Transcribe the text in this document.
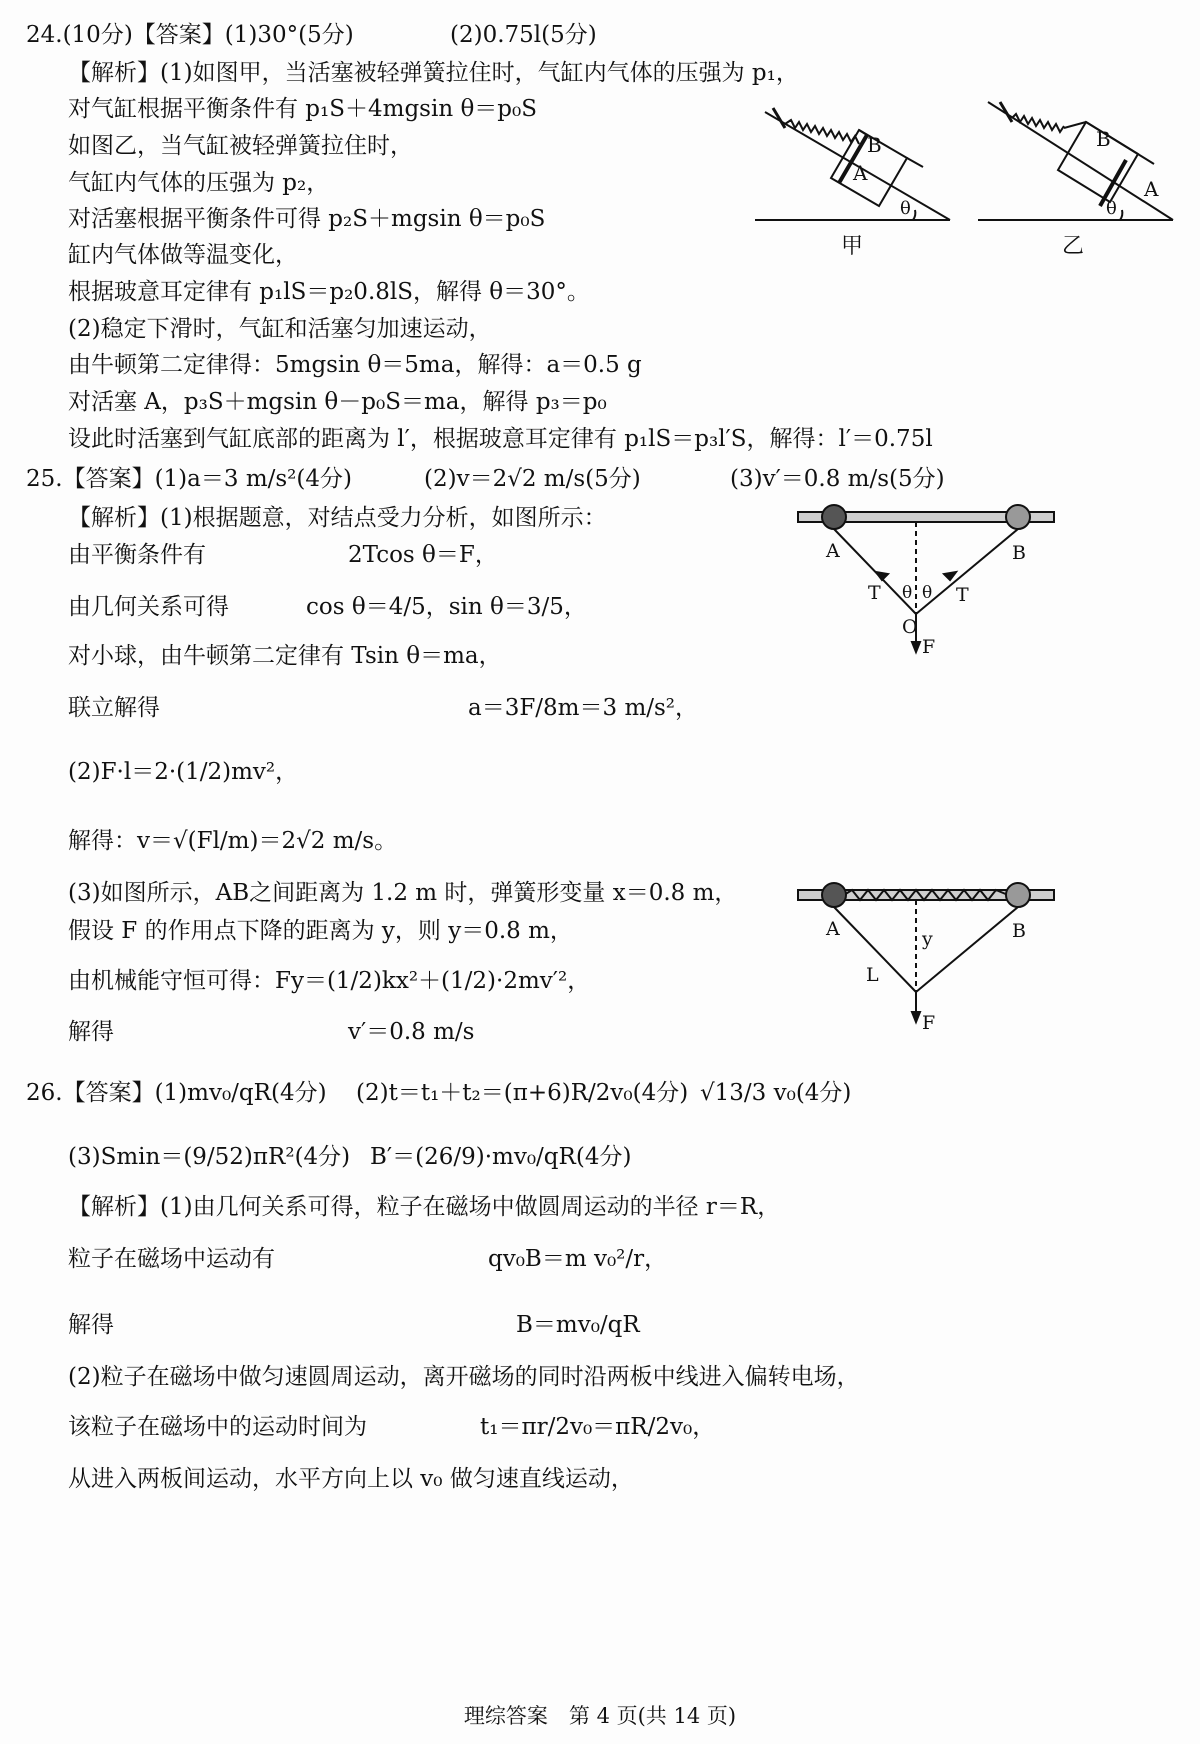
24.(10分)【答案】(1)30°(5分)	(2)0.75l(5分)
【解析】(1)如图甲，当活塞被轻弹簧拉住时，气缸内气体的压强为 p₁，
对气缸根据平衡条件有 p₁S＋4mgsin θ＝p₀S
如图乙，当气缸被轻弹簧拉住时，
气缸内气体的压强为 p₂，
对活塞根据平衡条件可得 p₂S＋mgsin θ＝p₀S
缸内气体做等温变化，
根据玻意耳定律有 p₁lS＝p₂0.8lS，解得 θ＝30°。
(2)稳定下滑时，气缸和活塞匀加速运动，
由牛顿第二定律得：5mgsin θ＝5ma，解得：a＝0.5 g
对活塞 A，p₃S＋mgsin θ－p₀S＝ma，解得 p₃＝p₀
设此时活塞到气缸底部的距离为 l′，根据玻意耳定律有 p₁lS＝p₃l′S，解得：l′＝0.75l
B
A
θ
甲
B
A
θ
乙
25.【答案】(1)a＝3 m/s²(4分)	(2)v＝2√2 m/s(5分)	(3)v′＝0.8 m/s(5分)
【解析】(1)根据题意，对结点受力分析，如图所示：
由平衡条件有	2Tcos θ＝F，
由几何关系可得	cos θ＝4/5，sin θ＝3/5，
对小球，由牛顿第二定律有 Tsin θ＝ma，
联立解得	a＝3F/8m＝3 m/s²，
(2)F·l＝2·(1/2)mv²，
解得：v＝√(Fl/m)＝2√2 m/s。
(3)如图所示，AB之间距离为 1.2 m 时，弹簧形变量 x＝0.8 m，
假设 F 的作用点下降的距离为 y，则 y＝0.8 m，
由机械能守恒可得：Fy＝(1/2)kx²＋(1/2)·2mv′²，
解得	v′＝0.8 m/s
A	B
T	T
θ θ
O
F
A	B
L
y
F
26.【答案】(1)mv₀/qR(4分) (2)t＝t₁＋t₂＝(π+6)R/2v₀(4分) √13/3 v₀(4分)
(3)Smin＝(9/52)πR²(4分) B′＝(26/9)·mv₀/qR(4分)
【解析】(1)由几何关系可得，粒子在磁场中做圆周运动的半径 r＝R，
粒子在磁场中运动有	qv₀B＝m v₀²/r，
解得	B＝mv₀/qR
(2)粒子在磁场中做匀速圆周运动，离开磁场的同时沿两板中线进入偏转电场，
该粒子在磁场中的运动时间为	t₁＝πr/2v₀＝πR/2v₀，
从进入两板间运动，水平方向上以 v₀ 做匀速直线运动，
理综答案　第 4 页(共 14 页)
